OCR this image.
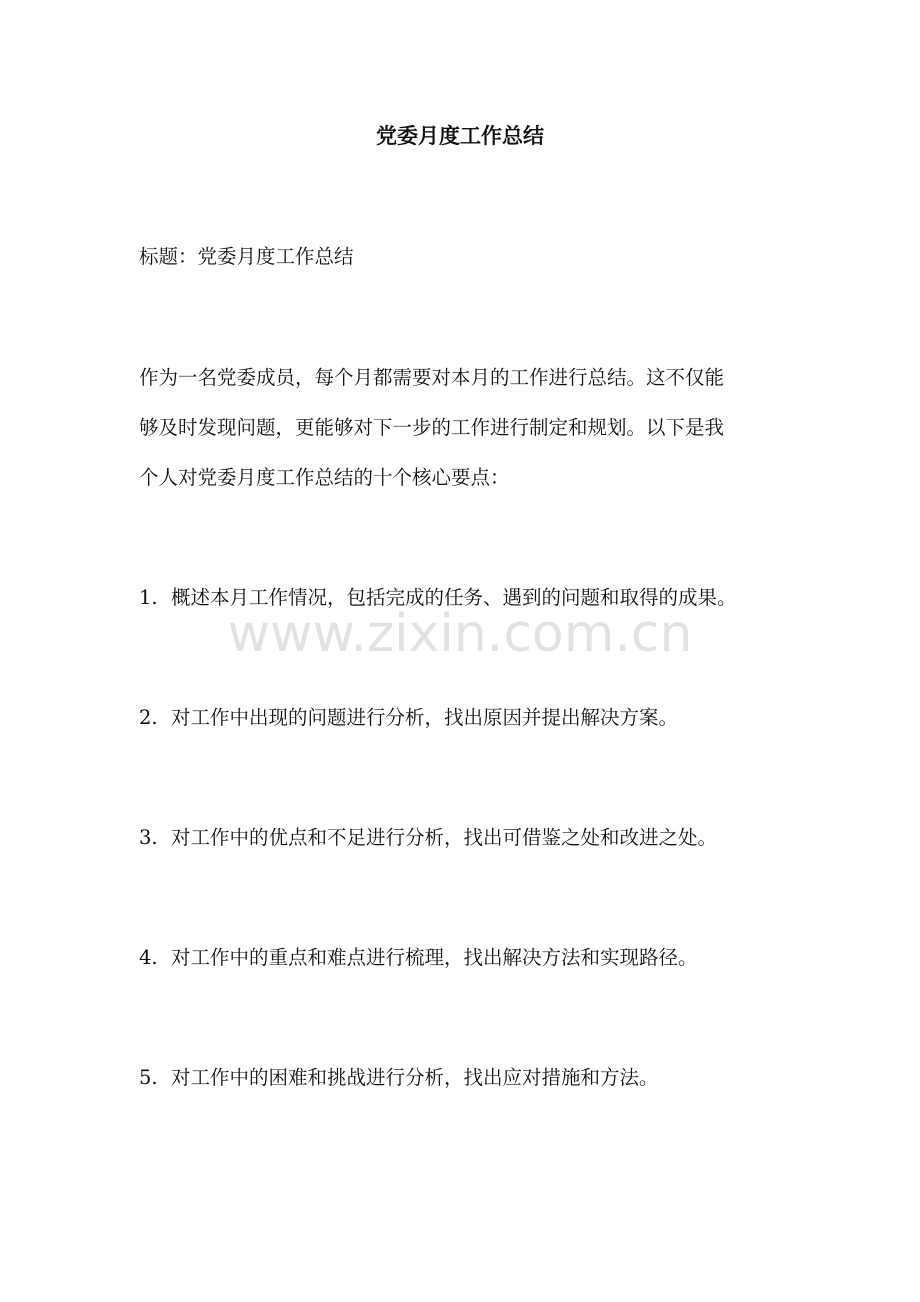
党委月度工作总结

标题：党委月度工作总结

作为一名党委成员，每个月都需要对本月的工作进行总结。这不仅能
够及时发现问题，更能够对下一步的工作进行制定和规划。以下是我
个人对党委月度工作总结的十个核心要点：
1. 概述本月工作情况，包括完成的任务、遇到的问题和取得的成果。
2. 对工作中出现的问题进行分析，找出原因并提出解决方案。
3. 对工作中的优点和不足进行分析，找出可借鉴之处和改进之处。
4. 对工作中的重点和难点进行梳理，找出解决方法和实现路径。
5. 对工作中的困难和挑战进行分析，找出应对措施和方法。
www.zixin.com.cn
